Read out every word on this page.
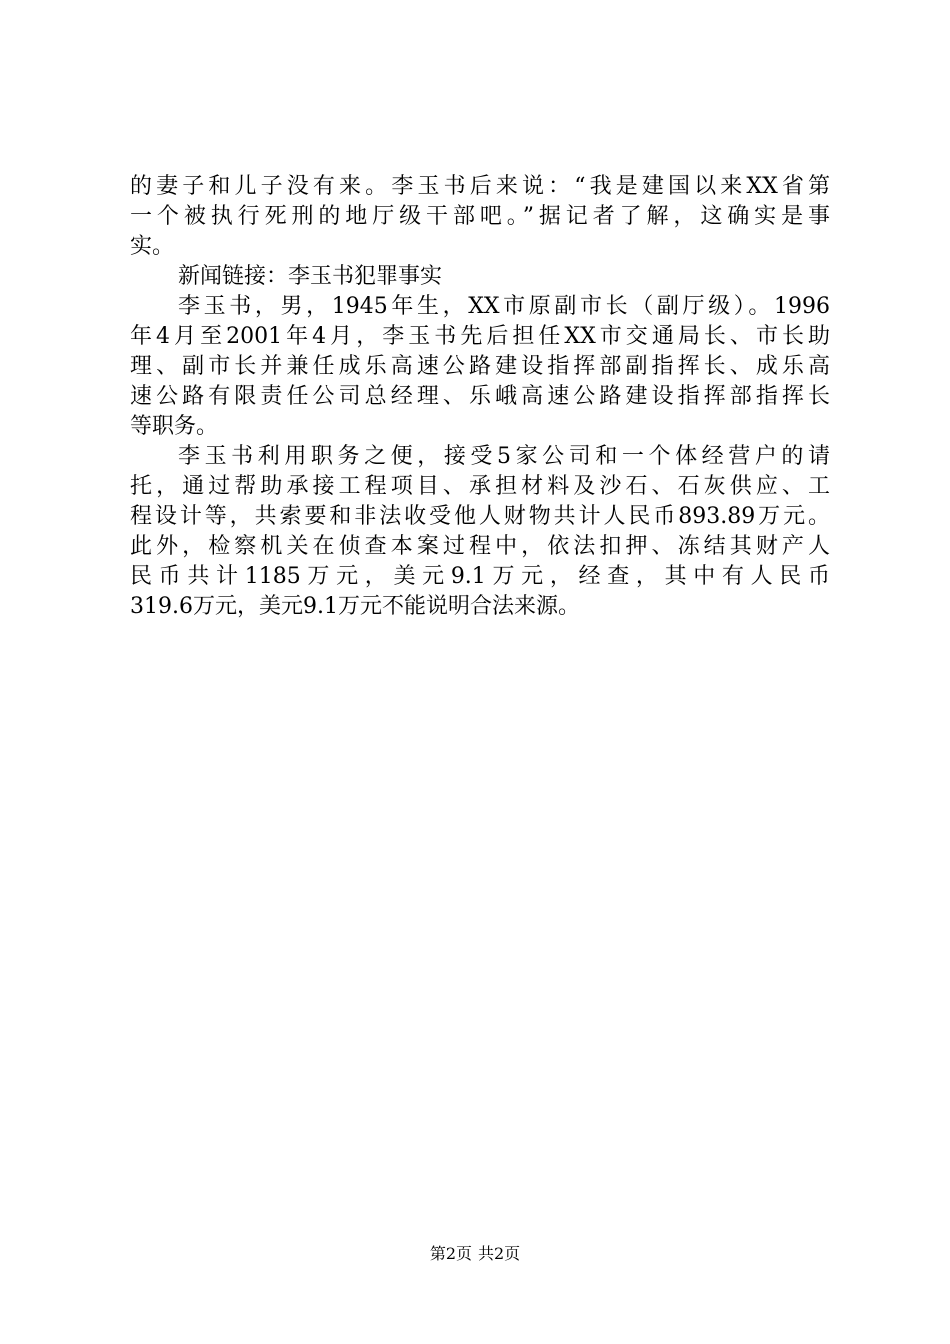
的妻子和儿子没有来。李玉书后来说：“我是建国以来XX省第
一个被执行死刑的地厅级干部吧。”据记者了解，这确实是事
实。
新闻链接：李玉书犯罪事实
李玉书，男，1945年生，XX市原副市长（副厅级）。1996
年4月至2001年4月，李玉书先后担任XX市交通局长、市长助
理、副市长并兼任成乐高速公路建设指挥部副指挥长、成乐高
速公路有限责任公司总经理、乐峨高速公路建设指挥部指挥长
等职务。
李玉书利用职务之便，接受5家公司和一个体经营户的请
托，通过帮助承接工程项目、承担材料及沙石、石灰供应、工
程设计等，共索要和非法收受他人财物共计人民币893.89万元。
此外，检察机关在侦查本案过程中，依法扣押、冻结其财产人
民币共计1185万元，美元9.1万元，经查，其中有人民币
319.6万元，美元9.1万元不能说明合法来源。
第2页 共2页
